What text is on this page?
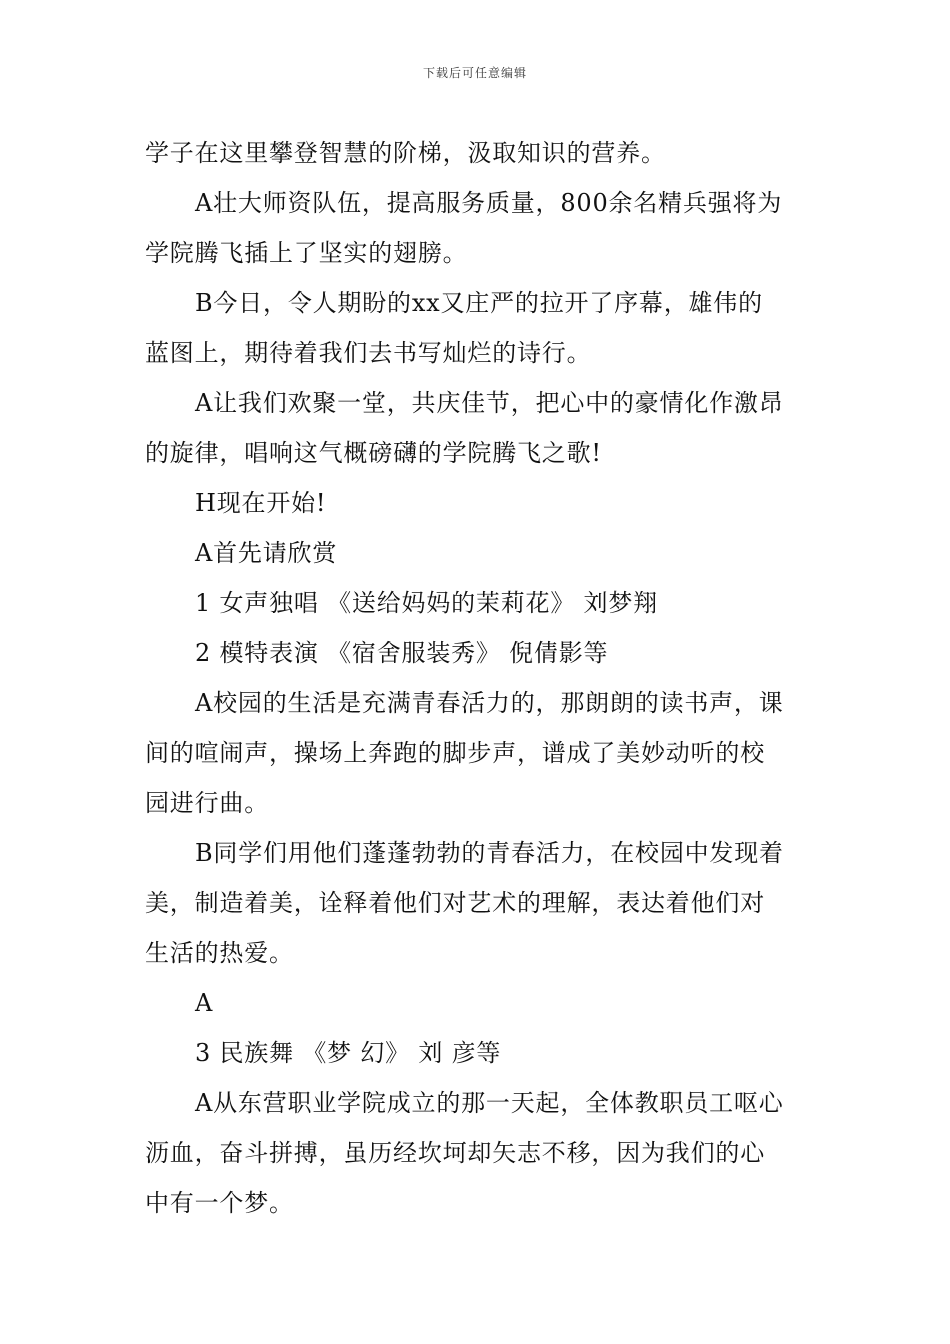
下载后可任意编辑
学子在这里攀登智慧的阶梯，汲取知识的营养。
A壮大师资队伍，提高服务质量，800余名精兵强将为
学院腾飞插上了坚实的翅膀。
B今日，令人期盼的xx又庄严的拉开了序幕，雄伟的
蓝图上，期待着我们去书写灿烂的诗行。
A让我们欢聚一堂，共庆佳节，把心中的豪情化作激昂
的旋律，唱响这气概磅礴的学院腾飞之歌!
H现在开始!
A首先请欣赏
1 女声独唱 《送给妈妈的茉莉花》 刘梦翔
2 模特表演 《宿舍服装秀》 倪倩影等
A校园的生活是充满青春活力的，那朗朗的读书声，课
间的喧闹声，操场上奔跑的脚步声，谱成了美妙动听的校
园进行曲。
B同学们用他们蓬蓬勃勃的青春活力，在校园中发现着
美，制造着美，诠释着他们对艺术的理解，表达着他们对
生活的热爱。
A
3 民族舞 《梦 幻》 刘 彦等
A从东营职业学院成立的那一天起，全体教职员工呕心
沥血，奋斗拼搏，虽历经坎坷却矢志不移，因为我们的心
中有一个梦。
